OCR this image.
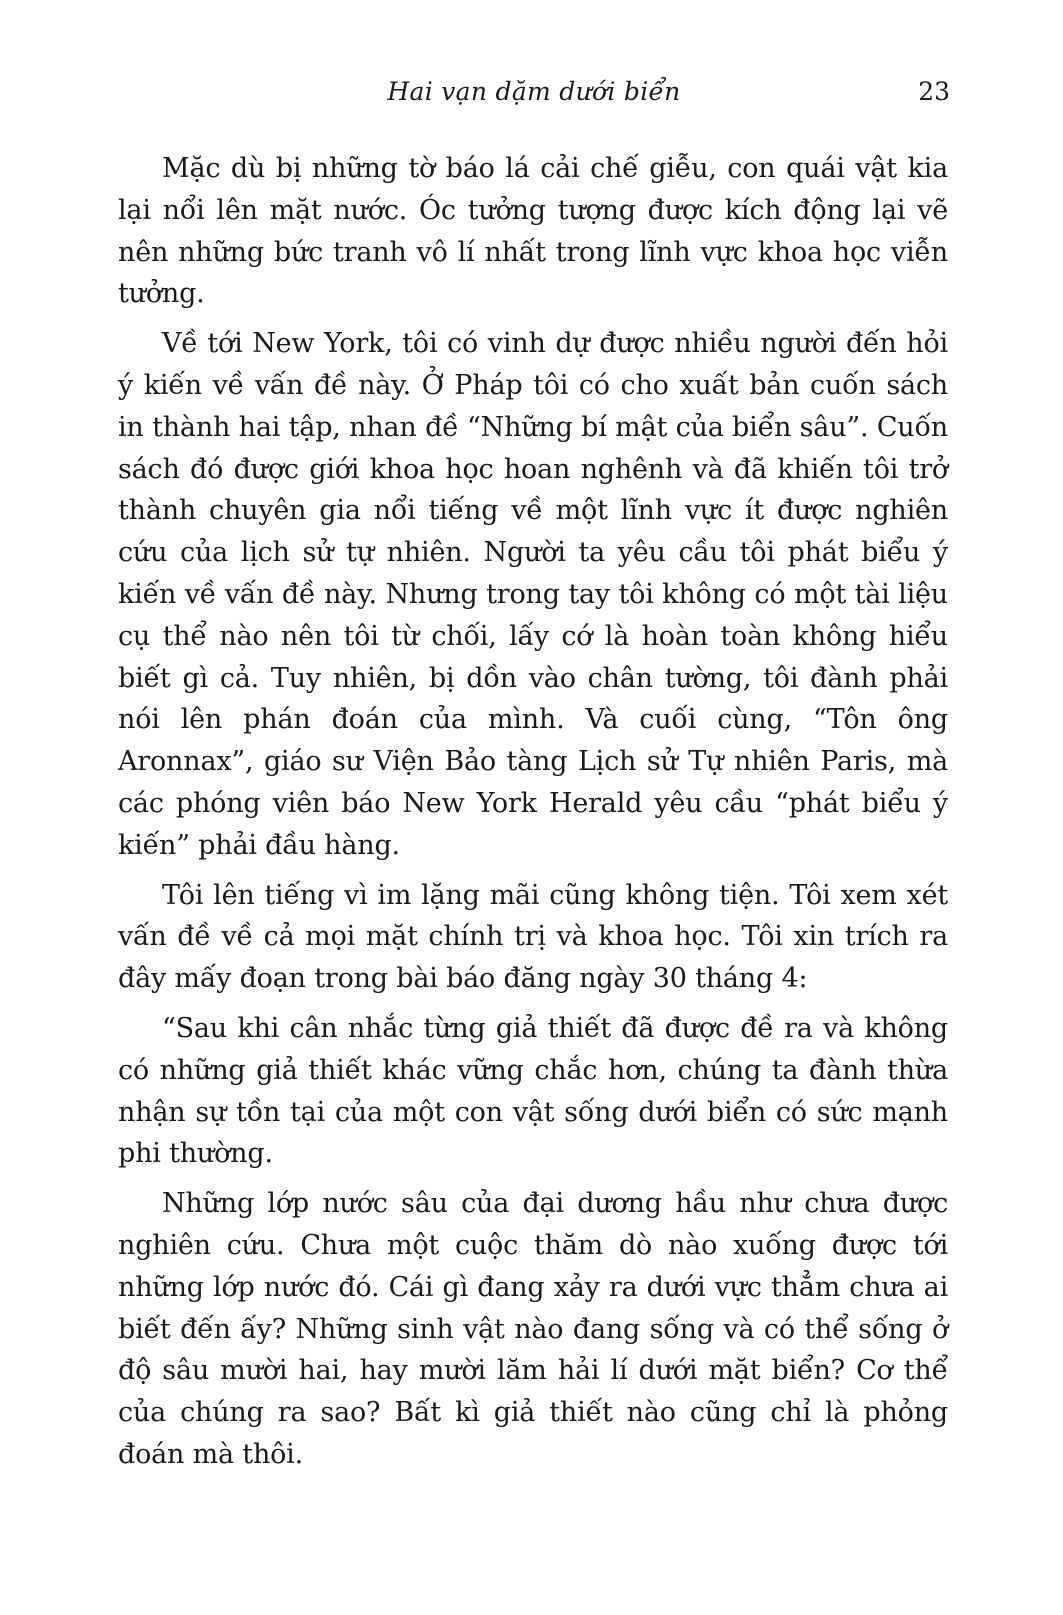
Hai vạn dặm dưới biển	23

Mặc dù bị những tờ báo lá cải chế giễu, con quái vật kia lại nổi lên mặt nước. Óc tưởng tượng được kích động lại vẽ nên những bức tranh vô lí nhất trong lĩnh vực khoa học viễn tưởng.

Về tới New York, tôi có vinh dự được nhiều người đến hỏi ý kiến về vấn đề này. Ở Pháp tôi có cho xuất bản cuốn sách in thành hai tập, nhan đề “Những bí mật của biển sâu”. Cuốn sách đó được giới khoa học hoan nghênh và đã khiến tôi trở thành chuyên gia nổi tiếng về một lĩnh vực ít được nghiên cứu của lịch sử tự nhiên. Người ta yêu cầu tôi phát biểu ý kiến về vấn đề này. Nhưng trong tay tôi không có một tài liệu cụ thể nào nên tôi từ chối, lấy cớ là hoàn toàn không hiểu biết gì cả. Tuy nhiên, bị dồn vào chân tường, tôi đành phải nói lên phán đoán của mình. Và cuối cùng, “Tôn ông Aronnax”, giáo sư Viện Bảo tàng Lịch sử Tự nhiên Paris, mà các phóng viên báo New York Herald yêu cầu “phát biểu ý kiến” phải đầu hàng.

Tôi lên tiếng vì im lặng mãi cũng không tiện. Tôi xem xét vấn đề về cả mọi mặt chính trị và khoa học. Tôi xin trích ra đây mấy đoạn trong bài báo đăng ngày 30 tháng 4:

“Sau khi cân nhắc từng giả thiết đã được đề ra và không có những giả thiết khác vững chắc hơn, chúng ta đành thừa nhận sự tồn tại của một con vật sống dưới biển có sức mạnh phi thường.

Những lớp nước sâu của đại dương hầu như chưa được nghiên cứu. Chưa một cuộc thăm dò nào xuống được tới những lớp nước đó. Cái gì đang xảy ra dưới vực thẳm chưa ai biết đến ấy? Những sinh vật nào đang sống và có thể sống ở độ sâu mười hai, hay mười lăm hải lí dưới mặt biển? Cơ thể của chúng ra sao? Bất kì giả thiết nào cũng chỉ là phỏng đoán mà thôi.
